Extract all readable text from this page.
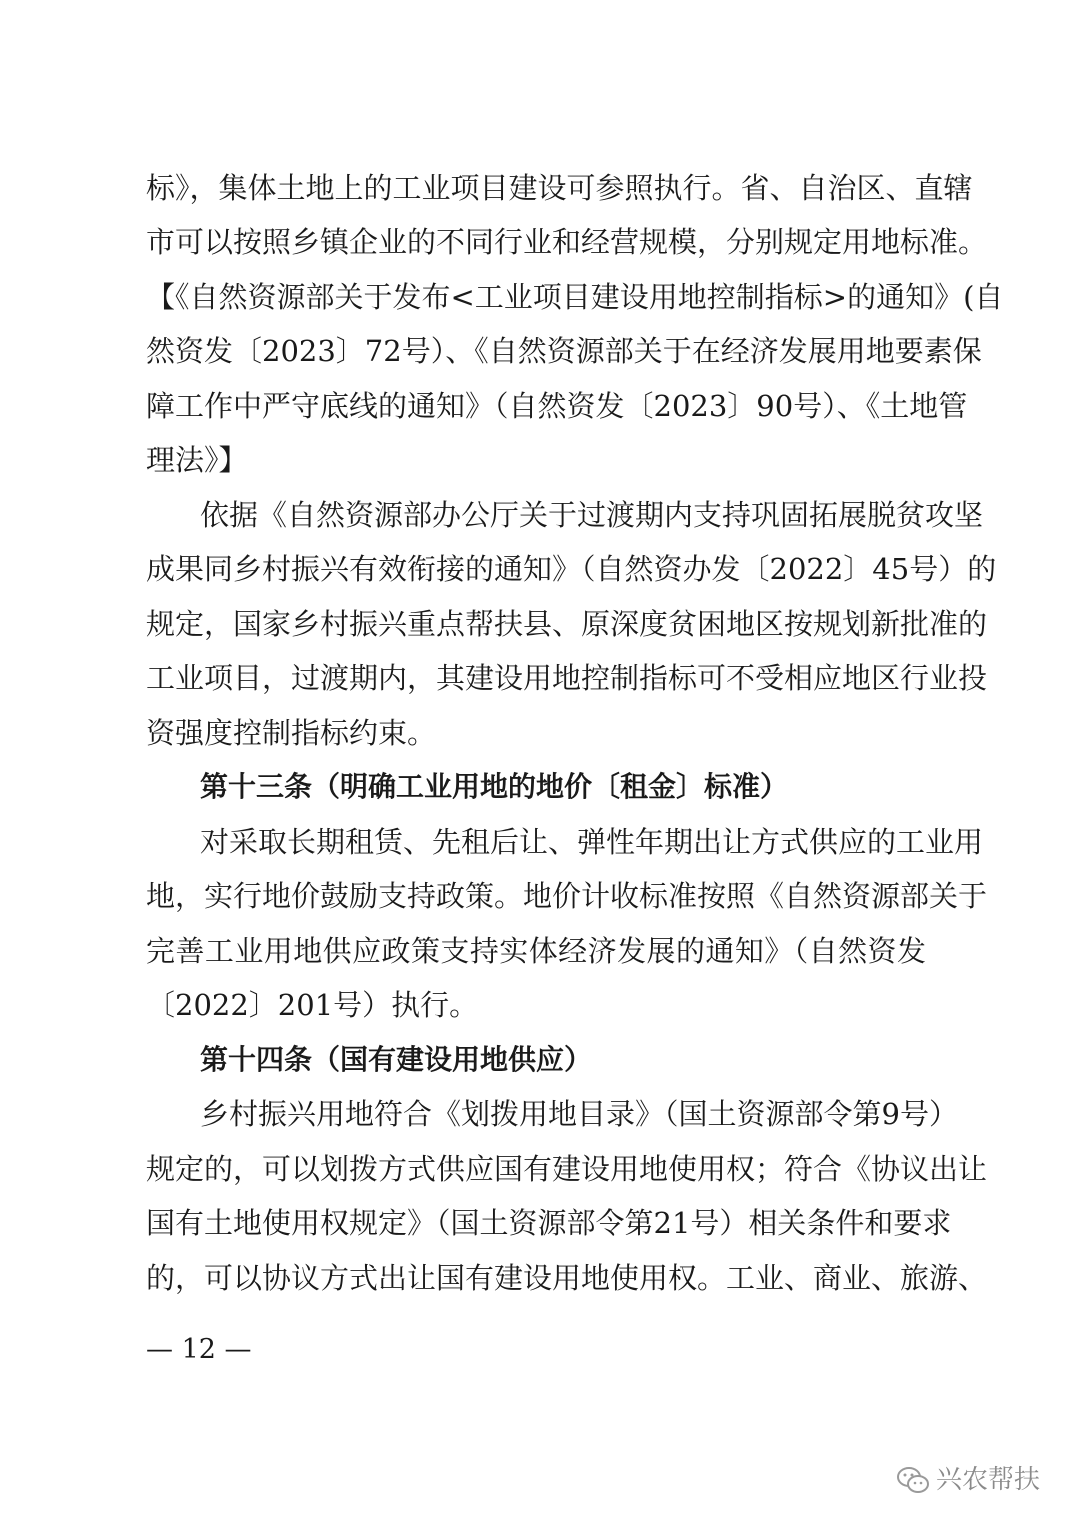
标》，集体土地上的工业项目建设可参照执行。省、自治区、直辖
市可以按照乡镇企业的不同行业和经营规模，分别规定用地标准。
【《自然资源部关于发布<工业项目建设用地控制指标>的通知》(自
然资发〔2023〕72号）、《自然资源部关于在经济发展用地要素保
障工作中严守底线的通知》（自然资发〔2023〕90号）、《土地管
理法》】
依据《自然资源部办公厅关于过渡期内支持巩固拓展脱贫攻坚
成果同乡村振兴有效衔接的通知》（自然资办发〔2022〕45号）的
规定，国家乡村振兴重点帮扶县、原深度贫困地区按规划新批准的
工业项目，过渡期内，其建设用地控制指标可不受相应地区行业投
资强度控制指标约束。
第十三条（明确工业用地的地价〔租金〕标准）
对采取长期租赁、先租后让、弹性年期出让方式供应的工业用
地，实行地价鼓励支持政策。地价计收标准按照《自然资源部关于
完善工业用地供应政策支持实体经济发展的通知》（自然资发
〔2022〕201号）执行。
第十四条（国有建设用地供应）
乡村振兴用地符合《划拨用地目录》（国土资源部令第9号）
规定的，可以划拨方式供应国有建设用地使用权；符合《协议出让
国有土地使用权规定》（国土资源部令第21号）相关条件和要求
的，可以协议方式出让国有建设用地使用权。工业、商业、旅游、
— 12 —
兴农帮扶
